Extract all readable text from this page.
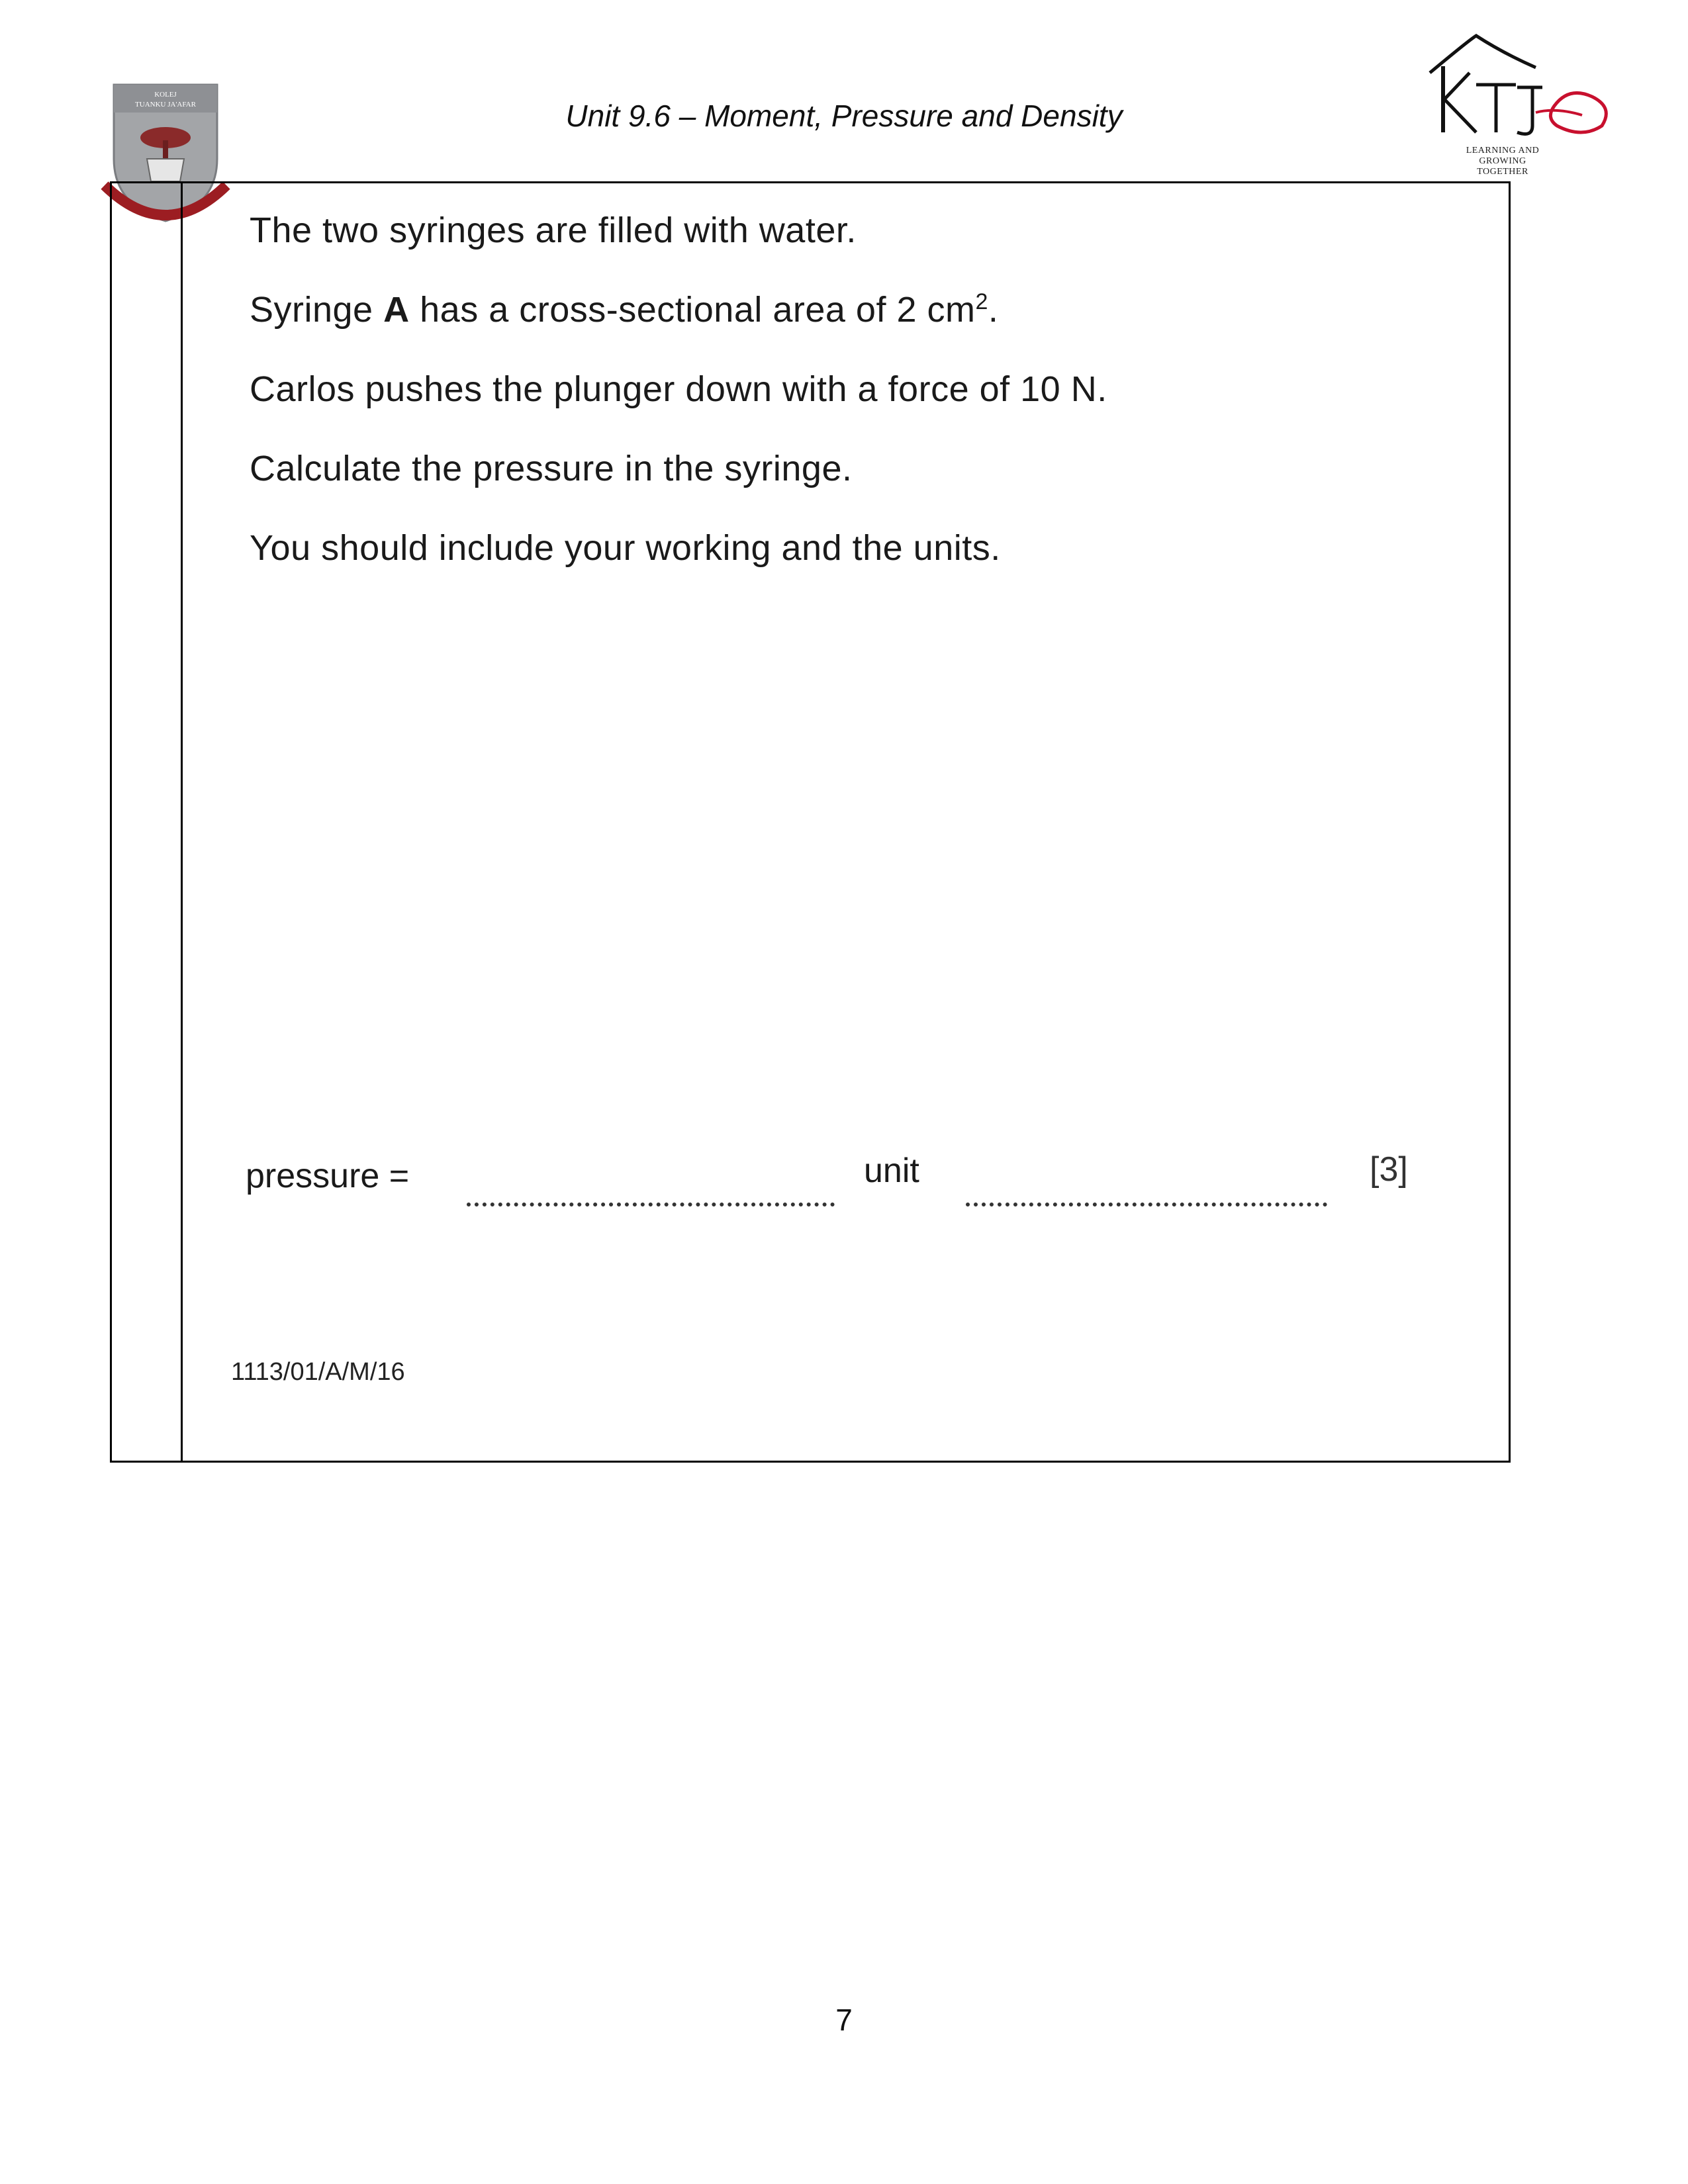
KOLEJ
TUANKU JA'AFAR	Unit 9.6 – Moment, Pressure and Density
LEARNING AND GROWING
TOGETHER
The two syringes are filled with water.
Syringe A has a cross-sectional area of 2 $cm^2$.
Carlos pushes the plunger down with a force of 10 N.
Calculate the pressure in the syringe.
You should include your working and the units.
pressure =	unit	[3]
1113/01/A/M/16
7
